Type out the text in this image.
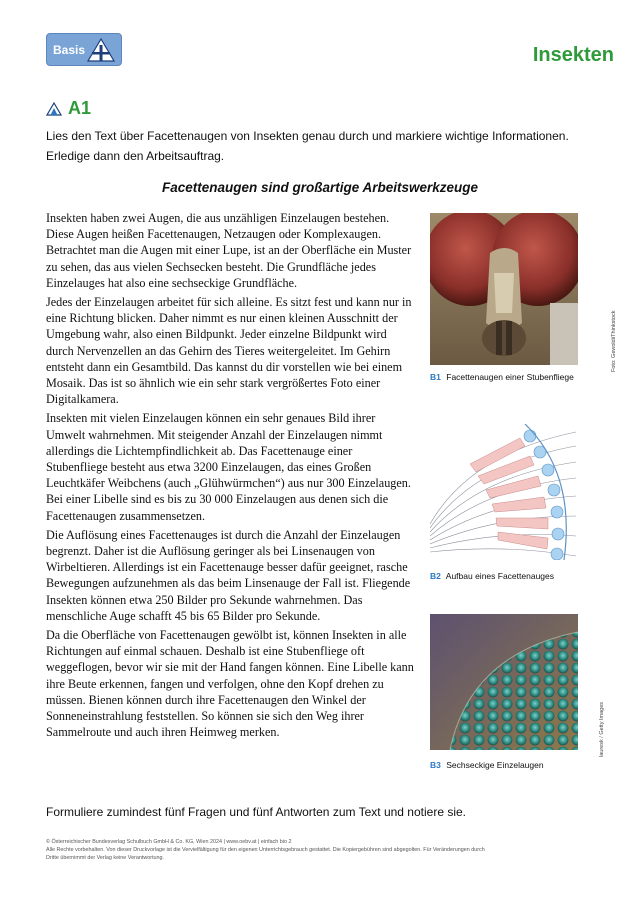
Basis	Insekten
A1
Lies den Text über Facettenaugen von Insekten genau durch und markiere wichtige Informationen. Erledige dann den Arbeitsauftrag.
Facettenaugen sind großartige Arbeitswerkzeuge

Insekten haben zwei Augen, die aus unzähligen Einzelaugen bestehen. Diese Augen heißen Facettenaugen, Netzaugen oder Komplexaugen. Betrachtet man die Augen mit einer Lupe, ist an der Oberfläche ein Muster zu sehen, das aus vielen Sechsecken besteht. Die Grundfläche jedes Einzelauges hat also eine sechseckige Grundfläche.

Jedes der Einzelaugen arbeitet für sich alleine. Es sitzt fest und kann nur in eine Richtung blicken. Daher nimmt es nur einen kleinen Ausschnitt der Umgebung wahr, also einen Bildpunkt. Jeder einzelne Bildpunkt wird durch Nervenzellen an das Gehirn des Tieres weitergeleitet. Im Gehirn entsteht dann ein Gesamtbild. Das kannst du dir vorstellen wie bei einem Mosaik. Das ist so ähnlich wie ein sehr stark vergrößertes Foto einer Digitalkamera.

Insekten mit vielen Einzelaugen können ein sehr genaues Bild ihrer Umwelt wahrnehmen. Mit steigender Anzahl der Einzelaugen nimmt allerdings die Lichtempfindlichkeit ab. Das Facettenauge einer Stubenfliege besteht aus etwa 3200 Einzelaugen, das eines Großen Leuchtkäfer Weibchens (auch „Glühwürmchen“) aus nur 300 Einzelaugen. Bei einer Libelle sind es bis zu 30 000 Einzelaugen aus denen sich die Facettenaugen zusammensetzen.

Die Auflösung eines Facettenauges ist durch die Anzahl der Einzelaugen begrenzt. Daher ist die Auflösung geringer als bei Linsenaugen von Wirbeltieren. Allerdings ist ein Facettenauge besser dafür geeignet, rasche Bewegungen aufzunehmen als das beim Linsenauge der Fall ist. Fliegende Insekten können etwa 250 Bilder pro Sekunde wahrnehmen. Das menschliche Auge schafft 45 bis 65 Bilder pro Sekunde.

Da die Oberfläche von Facettenaugen gewölbt ist, können Insekten in alle Richtungen auf einmal schauen. Deshalb ist eine Stubenfliege oft weggeflogen, bevor wir sie mit der Hand fangen können. Eine Libelle kann ihre Beute erkennen, fangen und verfolgen, ohne den Kopf drehen zu müssen. Bienen können durch ihre Facettenaugen den Winkel der Sonneneinstrahlung feststellen. So können sie sich den Weg ihrer Sammelroute und auch ihren Heimweg merken.

Foto: GewoldiiThinkstock
B1 Facettenaugen einer Stubenfliege
B2 Aufbau eines Facettenauges
lauresk / Getty Images
B3 Sechseckige Einzelaugen
Formuliere zumindest fünf Fragen und fünf Antworten zum Text und notiere sie.
© Österreichischer Bundesverlag Schulbuch GmbH & Co. KG, Wien 2024 | www.oebv.at | einfach bio 2
Alle Rechte vorbehalten. Von dieser Druckvorlage ist die Vervielfältigung für den eigenen Unterrichtsgebrauch gestattet. Die Kopiergebühren sind abgegolten. Für Veränderungen durch
Dritte übernimmt der Verlag keine Verantwortung.
